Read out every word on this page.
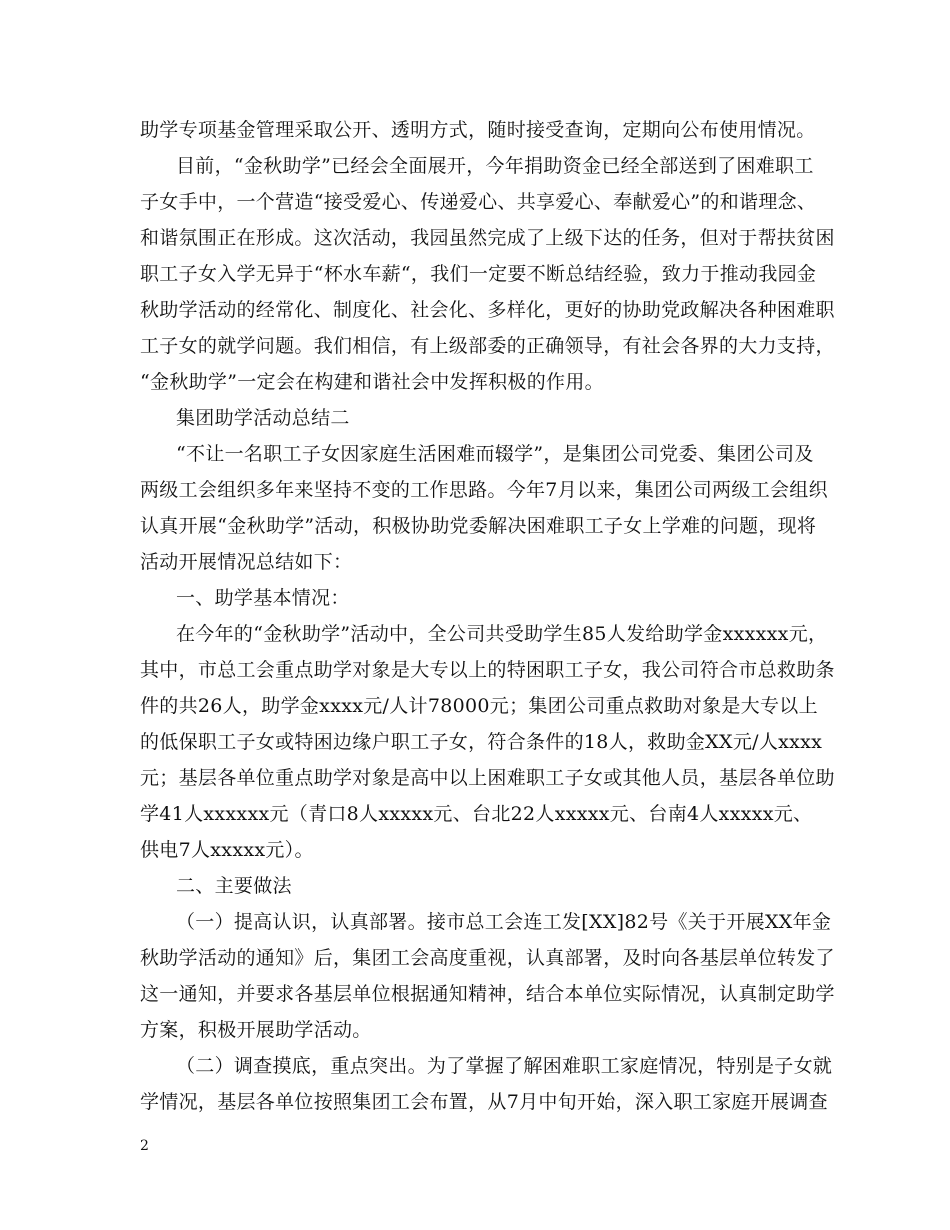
助学专项基金管理采取公开、透明方式，随时接受查询，定期向公布使用情况。
目前，“金秋助学”已经会全面展开，今年捐助资金已经全部送到了困难职工
子女手中，一个营造“接受爱心、传递爱心、共享爱心、奉献爱心”的和谐理念、
和谐氛围正在形成。这次活动，我园虽然完成了上级下达的任务，但对于帮扶贫困
职工子女入学无异于“杯水车薪“，我们一定要不断总结经验，致力于推动我园金
秋助学活动的经常化、制度化、社会化、多样化，更好的协助党政解决各种困难职
工子女的就学问题。我们相信，有上级部委的正确领导，有社会各界的大力支持，
“金秋助学”一定会在构建和谐社会中发挥积极的作用。
集团助学活动总结二
“不让一名职工子女因家庭生活困难而辍学”，是集团公司党委、集团公司及
两级工会组织多年来坚持不变的工作思路。今年7月以来，集团公司两级工会组织
认真开展“金秋助学”活动，积极协助党委解决困难职工子女上学难的问题，现将
活动开展情况总结如下：
一、助学基本情况：
在今年的“金秋助学”活动中，全公司共受助学生85人发给助学金xxxxxx元，
其中，市总工会重点助学对象是大专以上的特困职工子女，我公司符合市总救助条
件的共26人，助学金xxxx元/人计78000元；集团公司重点救助对象是大专以上
的低保职工子女或特困边缘户职工子女，符合条件的18人，救助金XX元/人xxxx
元；基层各单位重点助学对象是高中以上困难职工子女或其他人员，基层各单位助
学41人xxxxxx元（青口8人xxxxx元、台北22人xxxxx元、台南4人xxxxx元、
供电7人xxxxx元）。
二、主要做法
（一）提高认识，认真部署。接市总工会连工发[XX]82号《关于开展XX年金
秋助学活动的通知》后，集团工会高度重视，认真部署，及时向各基层单位转发了
这一通知，并要求各基层单位根据通知精神，结合本单位实际情况，认真制定助学
方案，积极开展助学活动。
（二）调查摸底，重点突出。为了掌握了解困难职工家庭情况，特别是子女就
学情况，基层各单位按照集团工会布置，从7月中旬开始，深入职工家庭开展调查
2
